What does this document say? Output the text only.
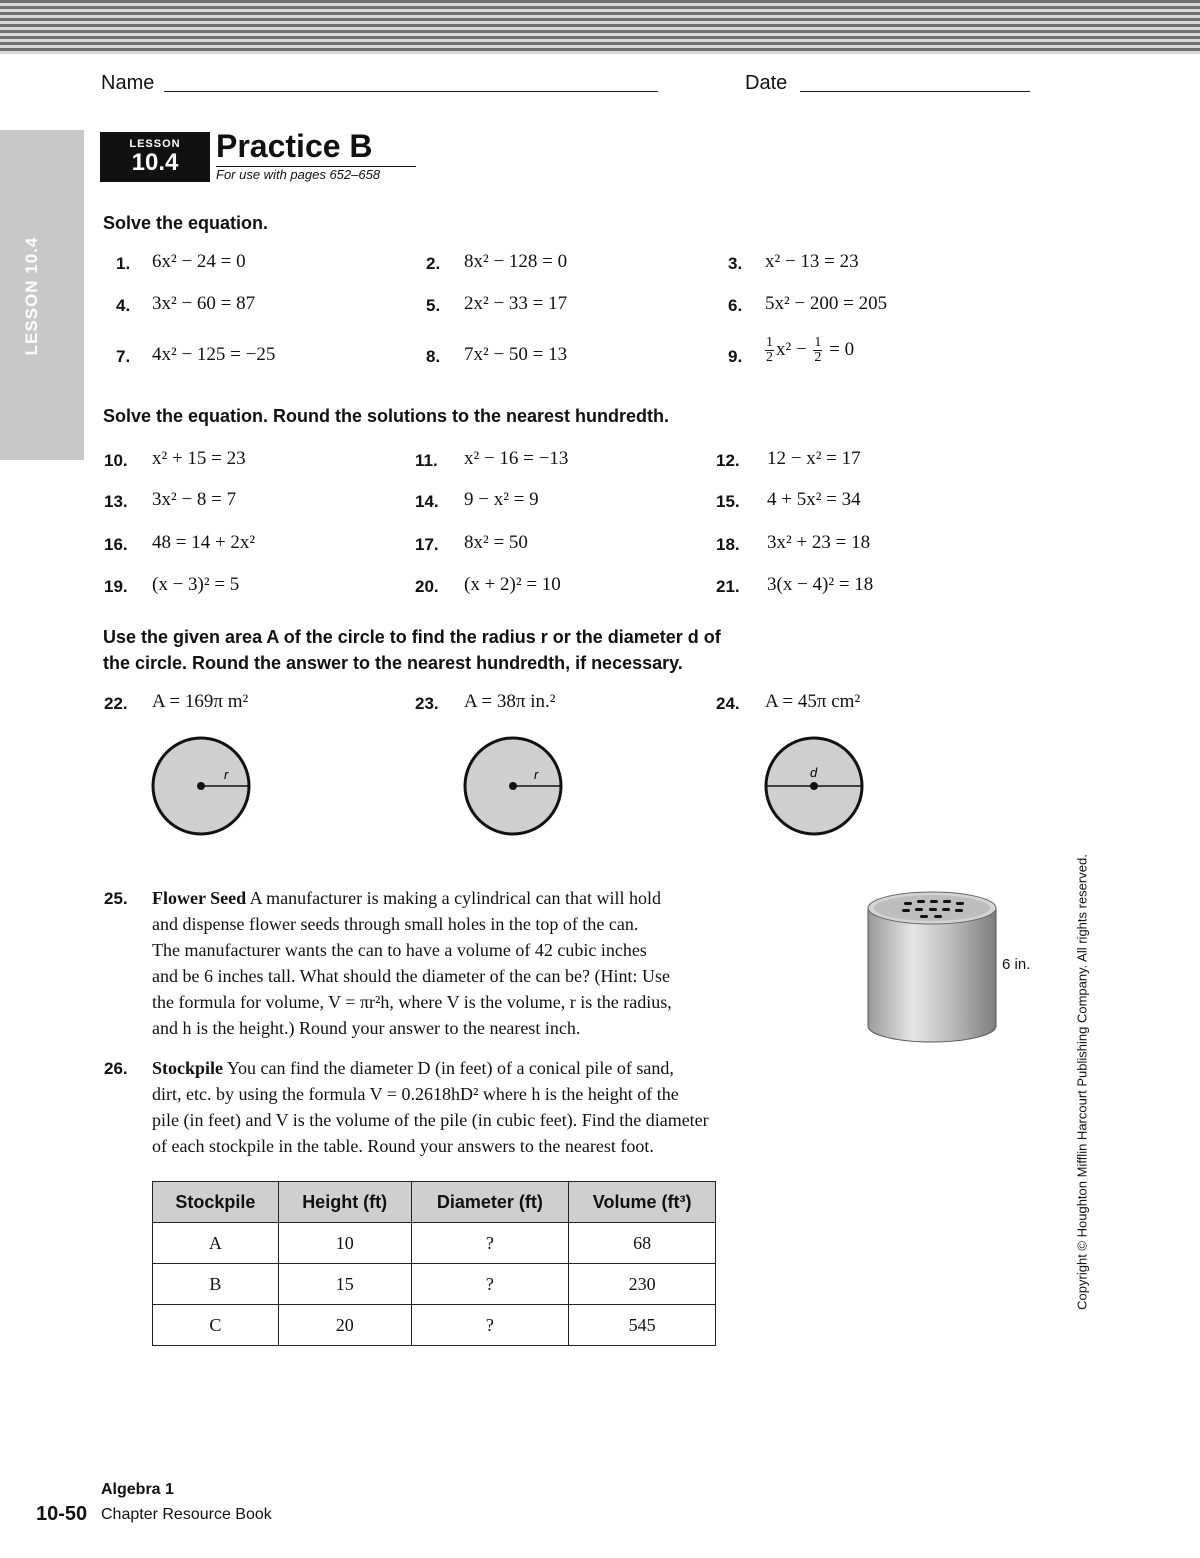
LESSON 10.4
Name	Date
LESSON
10.4	Practice B
For use with pages 652–658
Solve the equation.
1. 6x² − 24 = 0	2. 8x² − 128 = 0	3. x² − 13 = 23
4. 3x² − 60 = 87	5. 2x² − 33 = 17	6. 5x² − 200 = 205
7. 4x² − 125 = −25	8. 7x² − 50 = 13	9. $\frac{1}{2} x^2 - \frac{1}{2} = 0$
Solve the equation. Round the solutions to the nearest hundredth.
10. x² + 15 = 23	11. x² − 16 = −13	12. 12 − x² = 17
13. 3x² − 8 = 7	14. 9 − x² = 9	15. 4 + 5x² = 34
16. 48 = 14 + 2x²	17. 8x² = 50	18. 3x² + 23 = 18
19. (x − 3)² = 5	20. (x + 2)² = 10	21. 3(x − 4)² = 18
Use the given area A of the circle to find the radius r or the diameter d of
the circle. Round the answer to the nearest hundredth, if necessary.
22. A = 169π m²	23. A = 38π in.²	24. A = 45π cm²
r	r	d
25. Flower Seed A manufacturer is making a cylindrical can that will hold
and dispense flower seeds through small holes in the top of the can.
The manufacturer wants the can to have a volume of 42 cubic inches
and be 6 inches tall. What should the diameter of the can be? (Hint: Use
the formula for volume, V = πr²h, where V is the volume, r is the radius,
and h is the height.) Round your answer to the nearest inch.
6 in.
26. Stockpile You can find the diameter D (in feet) of a conical pile of sand,
dirt, etc. by using the formula V = 0.2618hD² where h is the height of the
pile (in feet) and V is the volume of the pile (in cubic feet). Find the diameter
of each stockpile in the table. Round your answers to the nearest foot.
Stockpile	Height (ft)	Diameter (ft)	Volume (ft³)
A	10	?	68
B	15	?	230
C	20	?	545
Copyright © Houghton Mifflin Harcourt Publishing Company. All rights reserved.
Algebra 1
10-50 Chapter Resource Book
